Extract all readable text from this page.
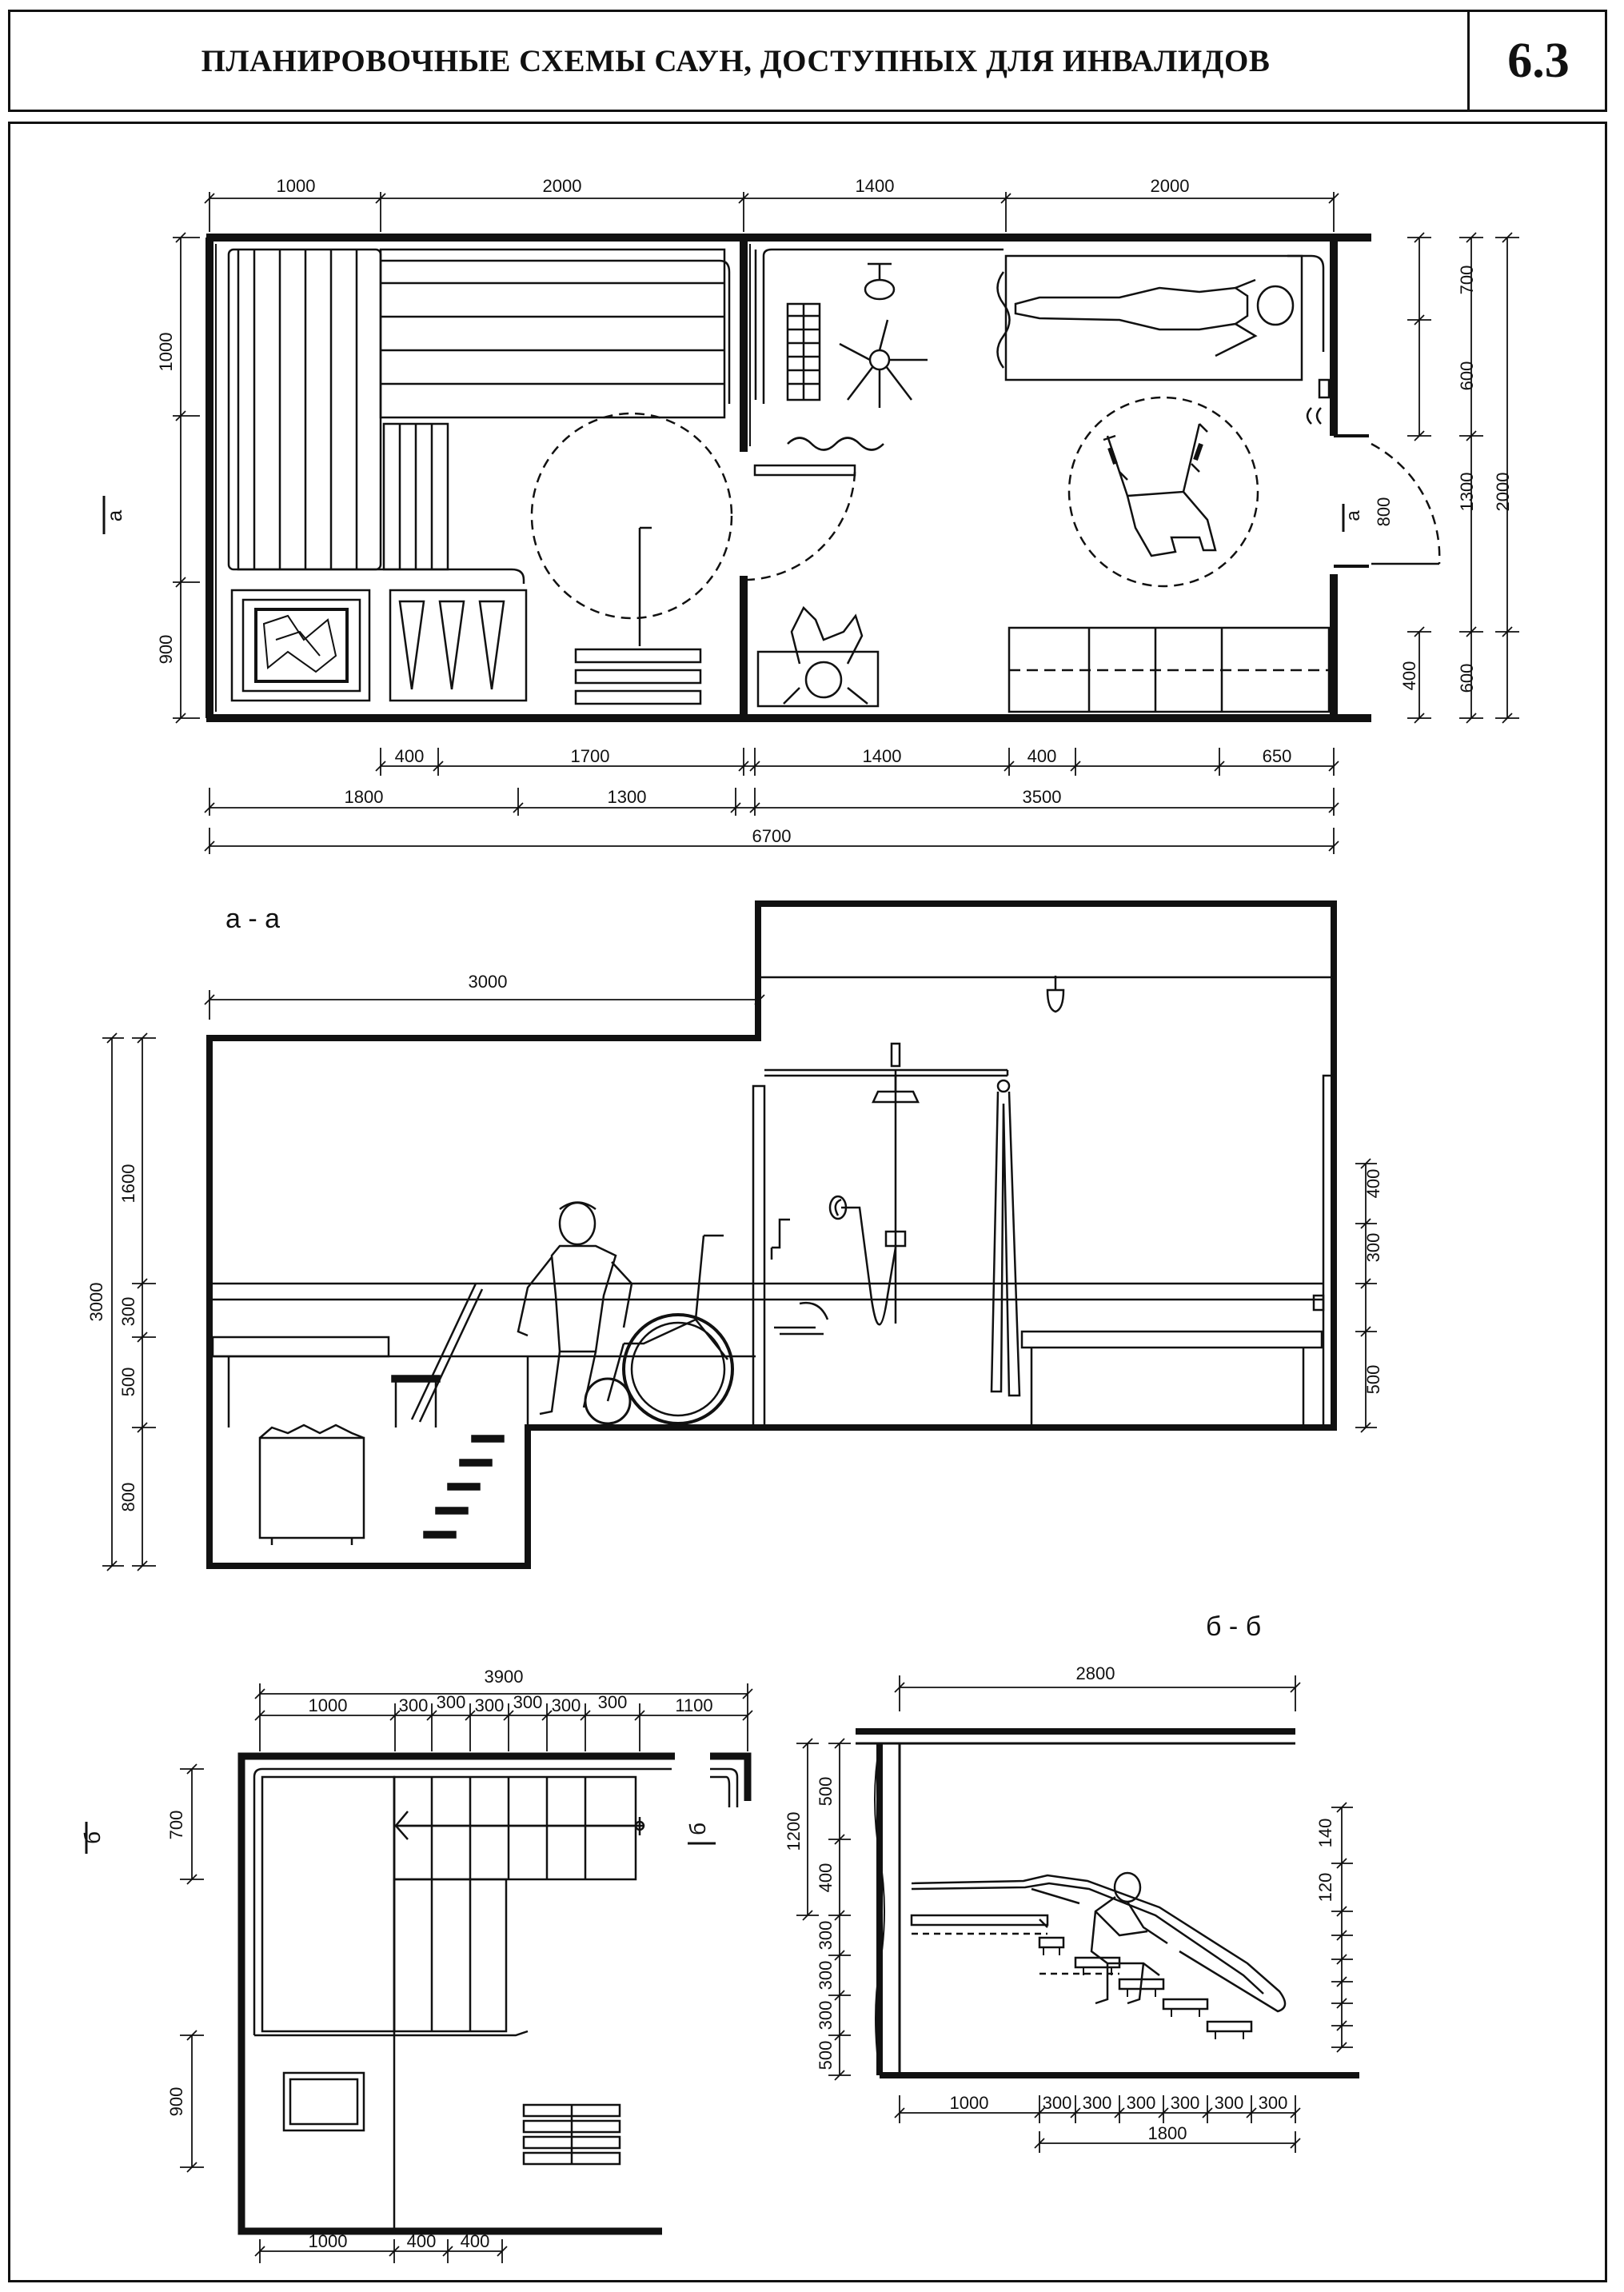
ПЛАНИРОВОЧНЫЕ СХЕМЫ САУН, ДОСТУПНЫХ ДЛЯ ИНВАЛИДОВ	6.3
1000	2000	1400	2000
1000
900
a	a 800
700
600
400
1300 2000
600
400	1700	1400	400	650
1800	1300	3500
6700
а - а
3000
3000
1600
300
500
800
400
300
500
3900
1000	300 300 300 300 300 300	1100
б
б
700
900
1000	400 400
б - б
2800
1200
500
400
300
300
300
500
140
120
1000	300 300 300 300 300 300
1800
